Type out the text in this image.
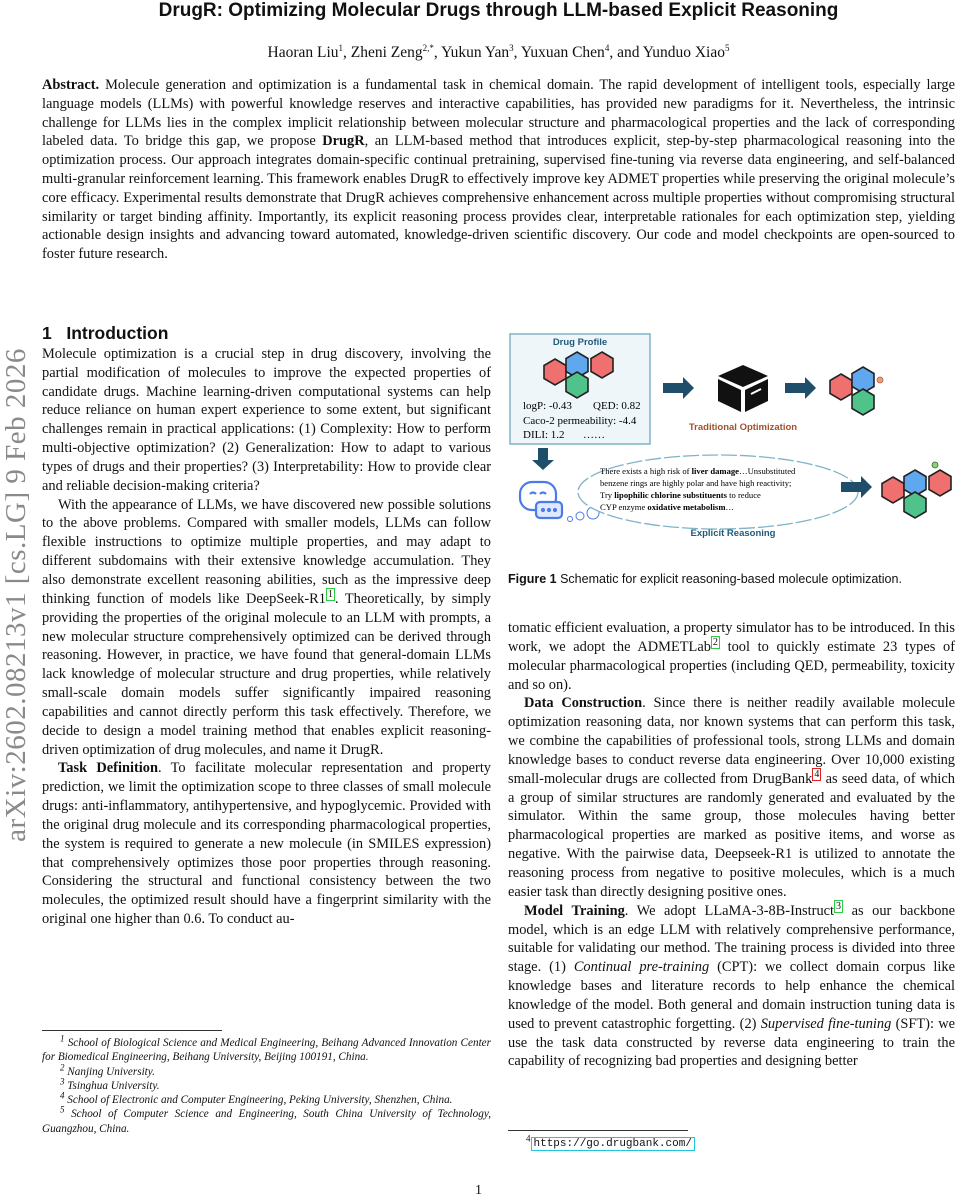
arXiv:2602.08213v1 [cs.LG] 9 Feb 2026
DrugR: Optimizing Molecular Drugs through LLM-based Explicit Reasoning
Haoran Liu$^1$, Zheni Zeng$^{2,*}$, Yukun Yan$^3$, Yuxuan Chen$^4$, and Yunduo Xiao$^5$
Abstract. Molecule generation and optimization is a fundamental task in chemical domain. The rapid development of intelligent tools, especially large language models (LLMs) with powerful knowledge reserves and interactive capabilities, has provided new paradigms for it. Nevertheless, the intrinsic challenge for LLMs lies in the complex implicit relationship between molecular structure and pharmacological properties and the lack of corresponding labeled data. To bridge this gap, we propose DrugR, an LLM-based method that introduces explicit, step-by-step pharmacological reasoning into the optimization process. Our approach integrates domain-specific continual pretraining, supervised fine-tuning via reverse data engineering, and self-balanced multi-granular reinforcement learning. This framework enables DrugR to effectively improve key ADMET properties while preserving the original molecule’s core efficacy. Experimental results demonstrate that DrugR achieves comprehensive enhancement across multiple properties without compromising structural similarity or target binding affinity. Importantly, its explicit reasoning process provides clear, interpretable rationales for each optimization step, yielding actionable design insights and advancing toward automated, knowledge-driven scientific discovery. Our code and model checkpoints are open-sourced to foster future research.
1 Introduction

Molecule optimization is a crucial step in drug discovery, involving the partial modification of molecules to improve the expected properties of candidate drugs. Machine learning-driven computational systems can help reduce reliance on human expert experience to some extent, but significant challenges remain in practical applications: (1) Complexity: How to perform multi-objective optimization? (2) Generalization: How to adapt to various types of drugs and their properties? (3) Interpretability: How to provide clear and reliable decision-making criteria?

With the appearance of LLMs, we have discovered new possible solutions to the above problems. Compared with smaller models, LLMs can follow flexible instructions to optimize multiple properties, and may adapt to different subdomains with their extensive knowledge accumulation. They also demonstrate excellent reasoning abilities, such as the impressive deep thinking function of models like DeepSeek-R1 $^1$ . Theoretically, by simply providing the properties of the original molecule to an LLM with prompts, a new molecular structure comprehensively optimized can be derived through reasoning. However, in practice, we have found that general-domain LLMs lack knowledge of molecular structure and drug properties, while relatively small-scale domain models suffer significantly impaired reasoning capabilities and cannot directly perform this task effectively. Therefore, we decide to design a model training method that enables explicit reasoning-driven optimization of drug molecules, and name it DrugR.

Task Definition. To facilitate molecular representation and property prediction, we limit the optimization scope to three classes of small molecule drugs: anti-inflammatory, antihypertensive, and hypoglycemic. Provided with the original drug molecule and its corresponding pharmacological properties, the system is required to generate a new molecule (in SMILES expression) that comprehensively optimizes those poor properties through reasoning. Considering the structural and functional consistency between the two molecules, the optimized result should have a fingerprint similarity with the original one higher than 0.6. To conduct au-

$^1$ School of Biological Science and Medical Engineering, Beihang Advanced Innovation Center for Biomedical Engineering, Beihang University, Beijing 100191, China.

$^2$ Nanjing University.

$^3$ Tsinghua University.

$^4$ School of Electronic and Computer Engineering, Peking University, Shenzhen, China.

$^5$ School of Computer Science and Engineering, South China University of Technology, Guangzhou, China.

Drug Profile
logP: -0.43 QED: 0.82
Caco-2 permeability: -4.4
DILI: 1.2 ……
Traditional Optimization
There exists a high risk of liver damage…Unsubstituted benzene rings are highly polar and have high reactivity; Try lipophilic chlorine substituents to reduce CYP enzyme oxidative metabolism…
Explicit Reasoning
Figure 1 Schematic for explicit reasoning-based molecule optimization.

tomatic efficient evaluation, a property simulator has to be introduced. In this work, we adopt the ADMETLab $^2$ tool to quickly estimate 23 types of molecular pharmacological properties (including QED, permeability, toxicity and so on).

Data Construction. Since there is neither readily available molecule optimization reasoning data, nor known systems that can perform this task, we combine the capabilities of professional tools, strong LLMs and domain knowledge bases to conduct reverse data engineering. Over 10,000 existing small-molecular drugs are collected from DrugBank $^4$ as seed data, of which a group of similar structures are randomly generated and evaluated by the simulator. Within the same group, those molecules having better pharmacological properties are marked as positive items, and worse as negative. With the pairwise data, Deepseek-R1 is utilized to annotate the reasoning process from negative to positive molecules, which is a much easier task than directly designing positive ones.

Model Training. We adopt LLaMA-3-8B-Instruct $^3$ as our backbone model, which is an edge LLM with relatively comprehensive performance, suitable for validating our method. The training process is divided into three stage. (1) Continual pre-training (CPT): we collect domain corpus like knowledge bases and literature records to help enhance the chemical knowledge of the model. Both general and domain instruction tuning data is used to prevent catastrophic forgetting. (2) Supervised fine-tuning (SFT): we use the task data constructed by reverse data engineering to train the capability of recognizing bad properties and designing better

$^4$ https://go.drugbank.com/

1
